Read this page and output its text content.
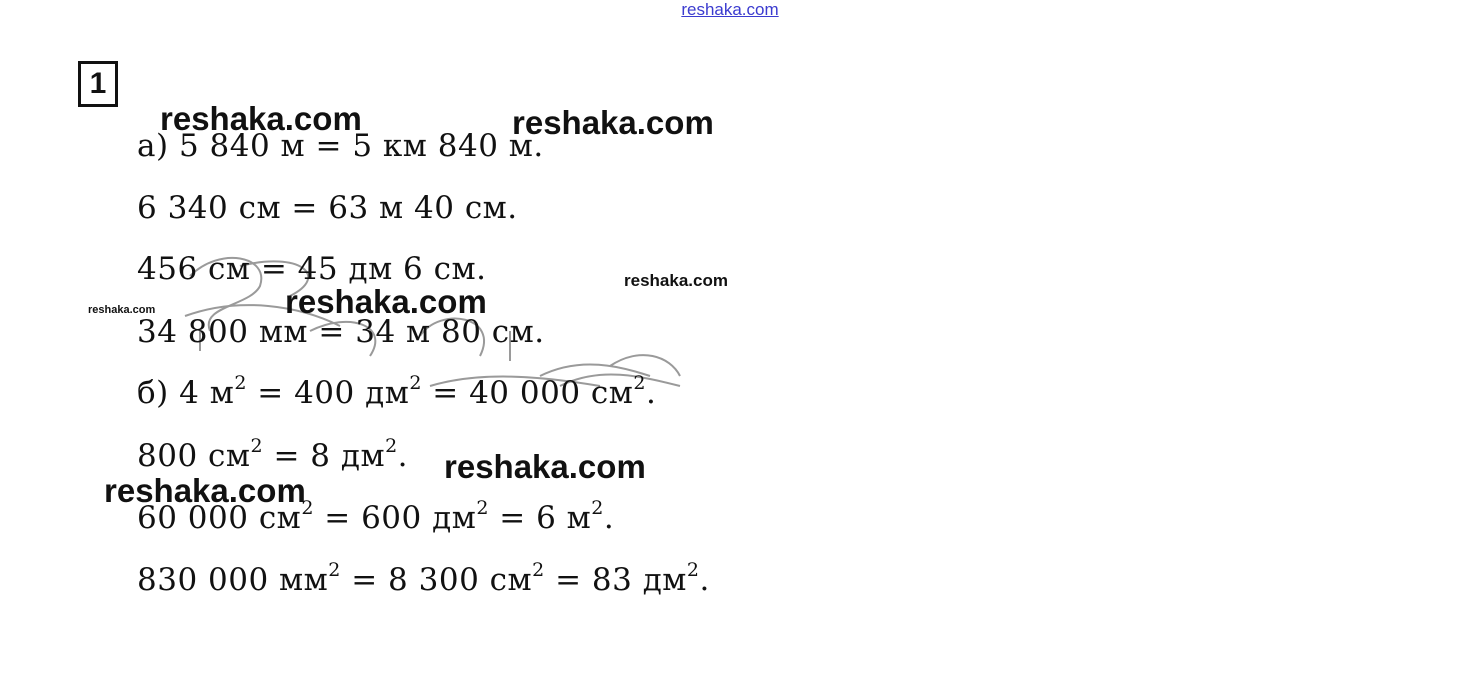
reshaka.com
1
а) 5 840 м = 5 км 840 м.
6 340 см = 63 м 40 см.
456 см = 45 дм 6 см.
34 800 мм = 34 м 80 см.
б) 4 $м^2 = 400$ $дм^2 = 40$ 000 $см^2$.
800 $см^2 = 8$ $дм^2$.
60 000 $см^2 = 600$ $дм^2 = 6$ $м^2$.
830 000 $мм^2 = 8$ 300 $см^2 = 83$ $дм^2$.
reshaka.com	reshaka.com
reshaka.com
reshaka.com
reshaka.com
reshaka.com
reshaka.com
